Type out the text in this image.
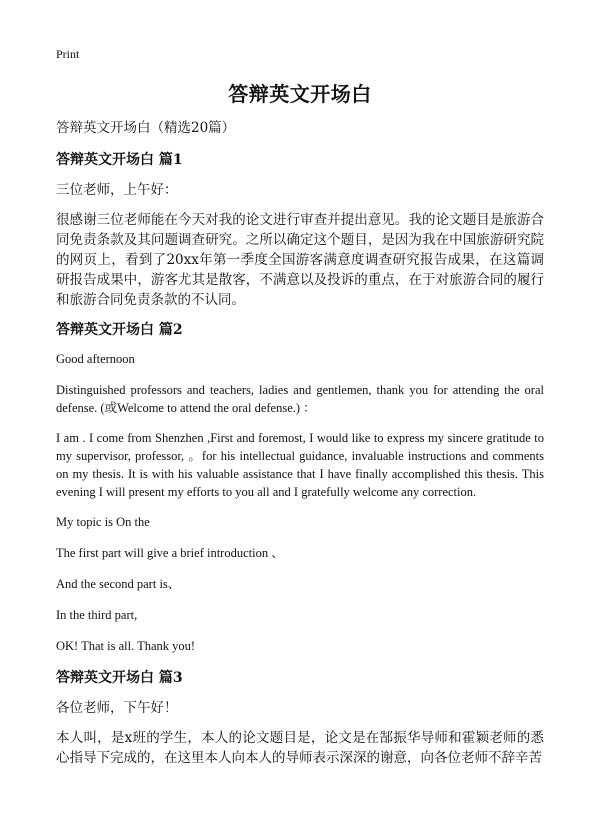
Print
答辩英文开场白
答辩英文开场白（精选20篇）
答辩英文开场白 篇1
三位老师，上午好：
很感谢三位老师能在今天对我的论文进行审查并提出意见。我的论文题目是旅游合同免责条款及其问题调查研究。之所以确定这个题目，是因为我在中国旅游研究院的网页上，看到了20xx年第一季度全国游客满意度调查研究报告成果，在这篇调研报告成果中，游客尤其是散客，不满意以及投诉的重点，在于对旅游合同的履行和旅游合同免责条款的不认同。
答辩英文开场白 篇2
Good afternoon
Distinguished professors and teachers, ladies and gentlemen, thank you for attending the oral defense. (或Welcome to attend the oral defense.) ：
I am . I come from Shenzhen ,First and foremost, I would like to express my sincere gratitude to my supervisor, professor, 。for his intellectual guidance, invaluable instructions and comments on my thesis. It is with his valuable assistance that I have finally accomplished this thesis. This evening I will present my efforts to you all and I gratefully welcome any correction.
My topic is On the
The first part will give a brief introduction 、
And the second part is、
In the third part,
OK! That is all. Thank you!
答辩英文开场白 篇3
各位老师，下午好！
本人叫，是x班的学生，本人的论文题目是，论文是在郜振华导师和霍颖老师的悉心指导下完成的，在这里本人向本人的导师表示深深的谢意，向各位老师不辞辛苦
